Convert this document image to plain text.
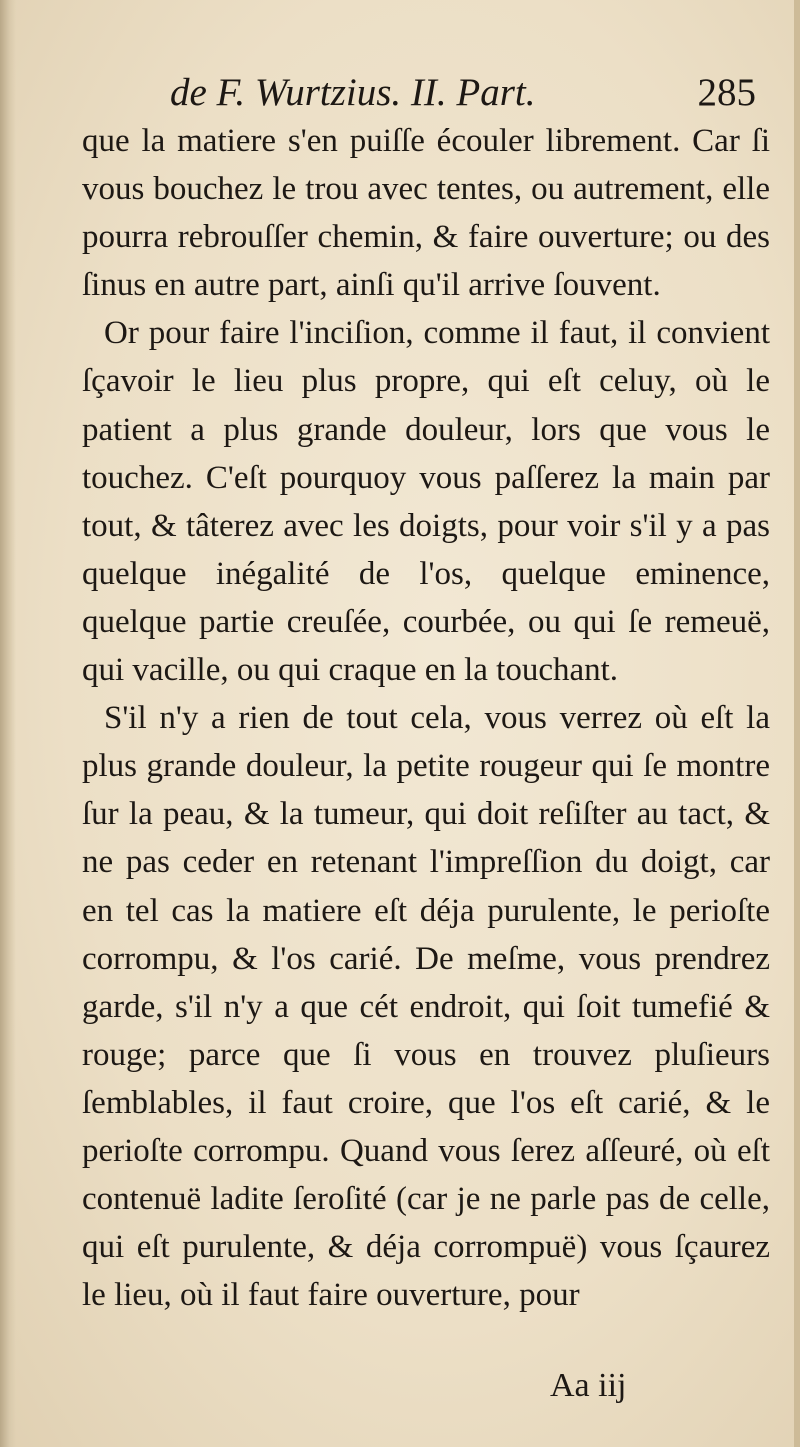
de F. Wurtzius. II. Part.	285

que la matiere s'en puiſſe écouler librement. Car ſi vous bouchez le trou avec tentes, ou autrement, elle pourra rebrouſſer chemin, & faire ouverture; ou des ſinus en autre part, ainſi qu'il arrive ſouvent.

Or pour faire l'inciſion, comme il faut, il convient ſçavoir le lieu plus propre, qui eſt celuy, où le patient a plus grande douleur, lors que vous le touchez. C'eſt pourquoy vous paſſerez la main par tout, & tâterez avec les doigts, pour voir s'il y a pas quelque inégalité de l'os, quelque eminence, quelque partie creuſée, courbée, ou qui ſe remeuë, qui vacille, ou qui craque en la touchant.

S'il n'y a rien de tout cela, vous verrez où eſt la plus grande douleur, la petite rougeur qui ſe montre ſur la peau, & la tumeur, qui doit reſiſter au tact, & ne pas ceder en retenant l'impreſſion du doigt, car en tel cas la matiere eſt déja purulente, le perioſte corrompu, & l'os carié. De meſme, vous prendrez garde, s'il n'y a que cét endroit, qui ſoit tumefié & rouge; parce que ſi vous en trouvez pluſieurs ſemblables, il faut croire, que l'os eſt carié, & le perioſte corrompu. Quand vous ſerez aſſeuré, où eſt contenuë ladite ſeroſité (car je ne parle pas de celle, qui eſt purulente, & déja corrompuë) vous ſçaurez le lieu, où il faut faire ouverture, pour

Aa iij
